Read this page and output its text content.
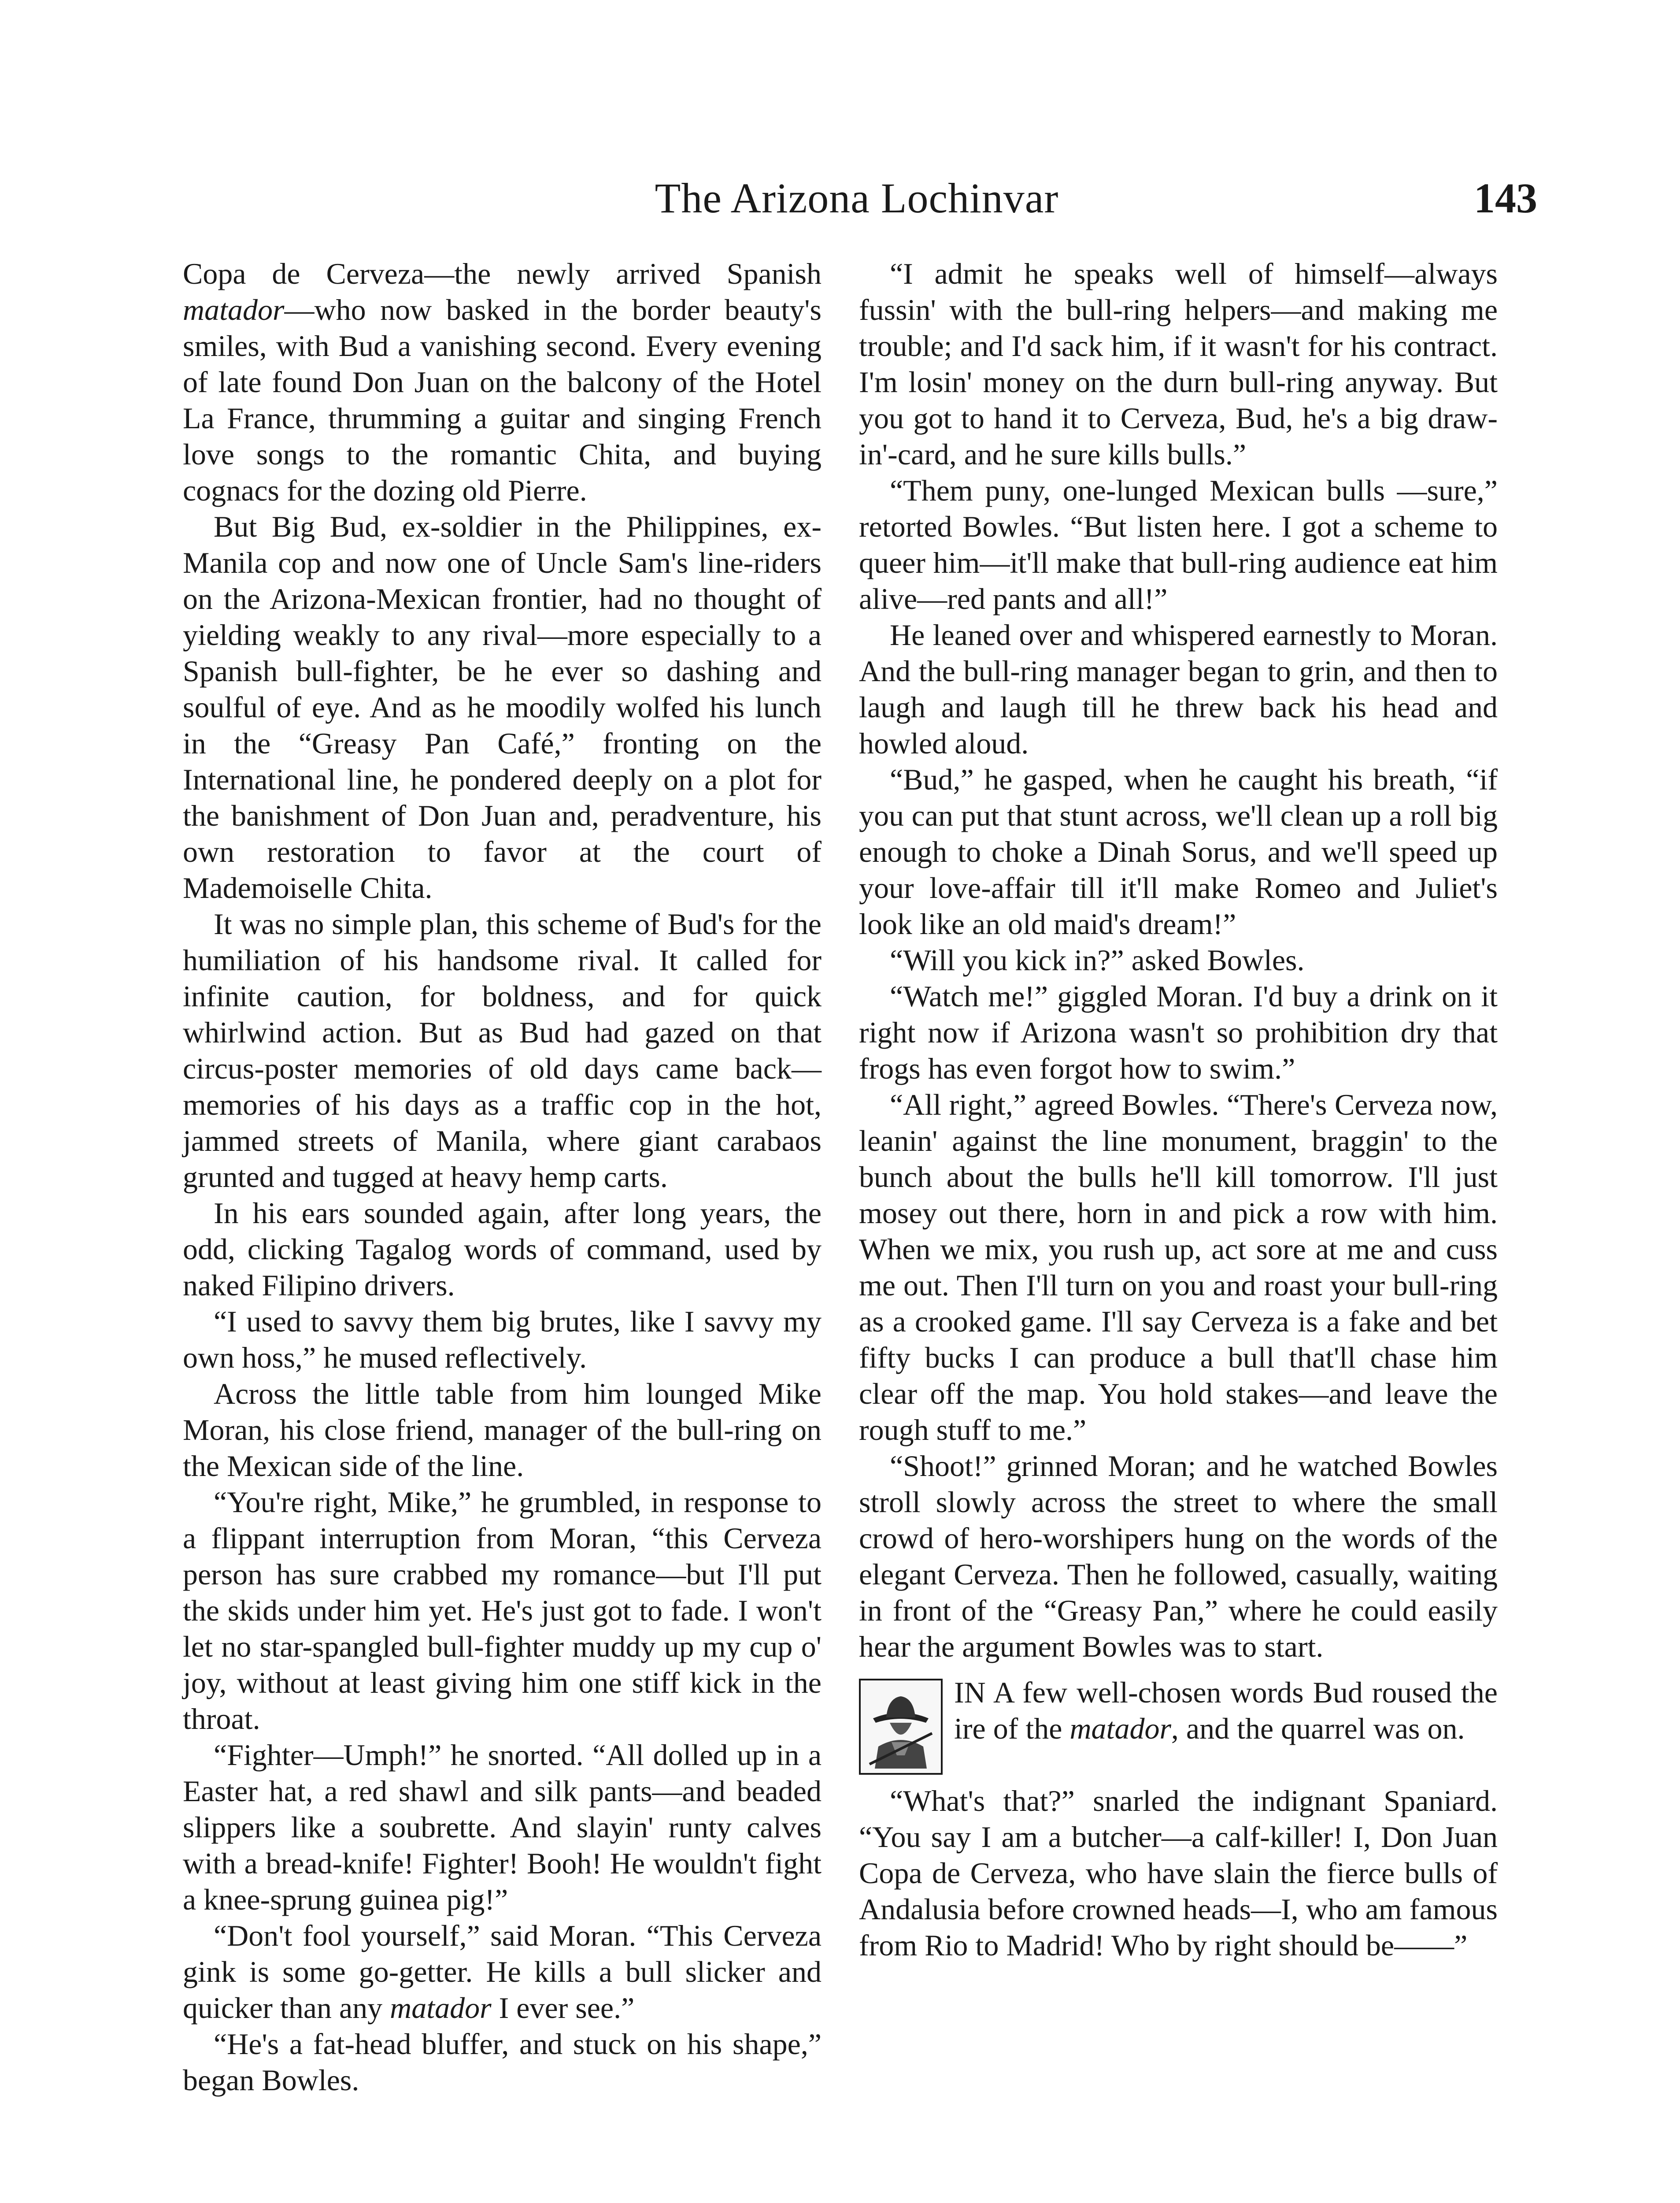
The Arizona Lochinvar	143

Copa de Cerveza—the newly arrived Spanish matador—who now basked in the border beauty's smiles, with Bud a vanishing second. Every evening of late found Don Juan on the balcony of the Hotel La France, thrumming a guitar and singing French love songs to the romantic Chita, and buying cognacs for the dozing old Pierre.

But Big Bud, ex-soldier in the Philippines, ex-Manila cop and now one of Uncle Sam's line-riders on the Arizona-Mexican frontier, had no thought of yielding weakly to any rival—more especially to a Spanish bull-fighter, be he ever so dashing and soulful of eye. And as he moodily wolfed his lunch in the “Greasy Pan Café,” fronting on the International line, he pondered deeply on a plot for the banishment of Don Juan and, peradventure, his own restoration to favor at the court of Mademoiselle Chita.

It was no simple plan, this scheme of Bud's for the humiliation of his handsome rival. It called for infinite caution, for boldness, and for quick whirlwind action. But as Bud had gazed on that circus-poster memories of old days came back—memories of his days as a traffic cop in the hot, jammed streets of Manila, where giant carabaos grunted and tugged at heavy hemp carts.

In his ears sounded again, after long years, the odd, clicking Tagalog words of command, used by naked Filipino drivers.

“I used to savvy them big brutes, like I savvy my own hoss,” he mused reflectively.

Across the little table from him lounged Mike Moran, his close friend, manager of the bull-ring on the Mexican side of the line.

“You're right, Mike,” he grumbled, in response to a flippant interruption from Moran, “this Cerveza person has sure crabbed my romance—but I'll put the skids under him yet. He's just got to fade. I won't let no star-spangled bull-fighter muddy up my cup o' joy, without at least giving him one stiff kick in the throat.

“Fighter—Umph!” he snorted. “All dolled up in a Easter hat, a red shawl and silk pants—and beaded slippers like a soubrette. And slayin' runty calves with a bread-knife! Fighter! Booh! He wouldn't fight a knee-sprung guinea pig!”

“Don't fool yourself,” said Moran. “This Cerveza gink is some go-getter. He kills a bull slicker and quicker than any matador I ever see.”

“He's a fat-head bluffer, and stuck on his shape,” began Bowles.

“I admit he speaks well of himself—always fussin' with the bull-ring helpers—and making me trouble; and I'd sack him, if it wasn't for his contract. I'm losin' money on the durn bull-ring anyway. But you got to hand it to Cerveza, Bud, he's a big draw-in'-card, and he sure kills bulls.”

“Them puny, one-lunged Mexican bulls —sure,” retorted Bowles. “But listen here. I got a scheme to queer him—it'll make that bull-ring audience eat him alive—red pants and all!”

He leaned over and whispered earnestly to Moran. And the bull-ring manager began to grin, and then to laugh and laugh till he threw back his head and howled aloud.

“Bud,” he gasped, when he caught his breath, “if you can put that stunt across, we'll clean up a roll big enough to choke a Dinah Sorus, and we'll speed up your love-affair till it'll make Romeo and Juliet's look like an old maid's dream!”

“Will you kick in?” asked Bowles.

“Watch me!” giggled Moran. I'd buy a drink on it right now if Arizona wasn't so prohibition dry that frogs has even forgot how to swim.”

“All right,” agreed Bowles. “There's Cerveza now, leanin' against the line monument, braggin' to the bunch about the bulls he'll kill tomorrow. I'll just mosey out there, horn in and pick a row with him. When we mix, you rush up, act sore at me and cuss me out. Then I'll turn on you and roast your bull-ring as a crooked game. I'll say Cerveza is a fake and bet fifty bucks I can produce a bull that'll chase him clear off the map. You hold stakes—and leave the rough stuff to me.”

“Shoot!” grinned Moran; and he watched Bowles stroll slowly across the street to where the small crowd of hero-worshipers hung on the words of the elegant Cerveza. Then he followed, casually, waiting in front of the “Greasy Pan,” where he could easily hear the argument Bowles was to start.

IN A few well-chosen words Bud roused the ire of the matador, and the quarrel was on.

“What's that?” snarled the indignant Spaniard. “You say I am a butcher—a calf-killer! I, Don Juan Copa de Cerveza, who have slain the fierce bulls of Andalusia before crowned heads—I, who am famous from Rio to Madrid! Who by right should be——”
